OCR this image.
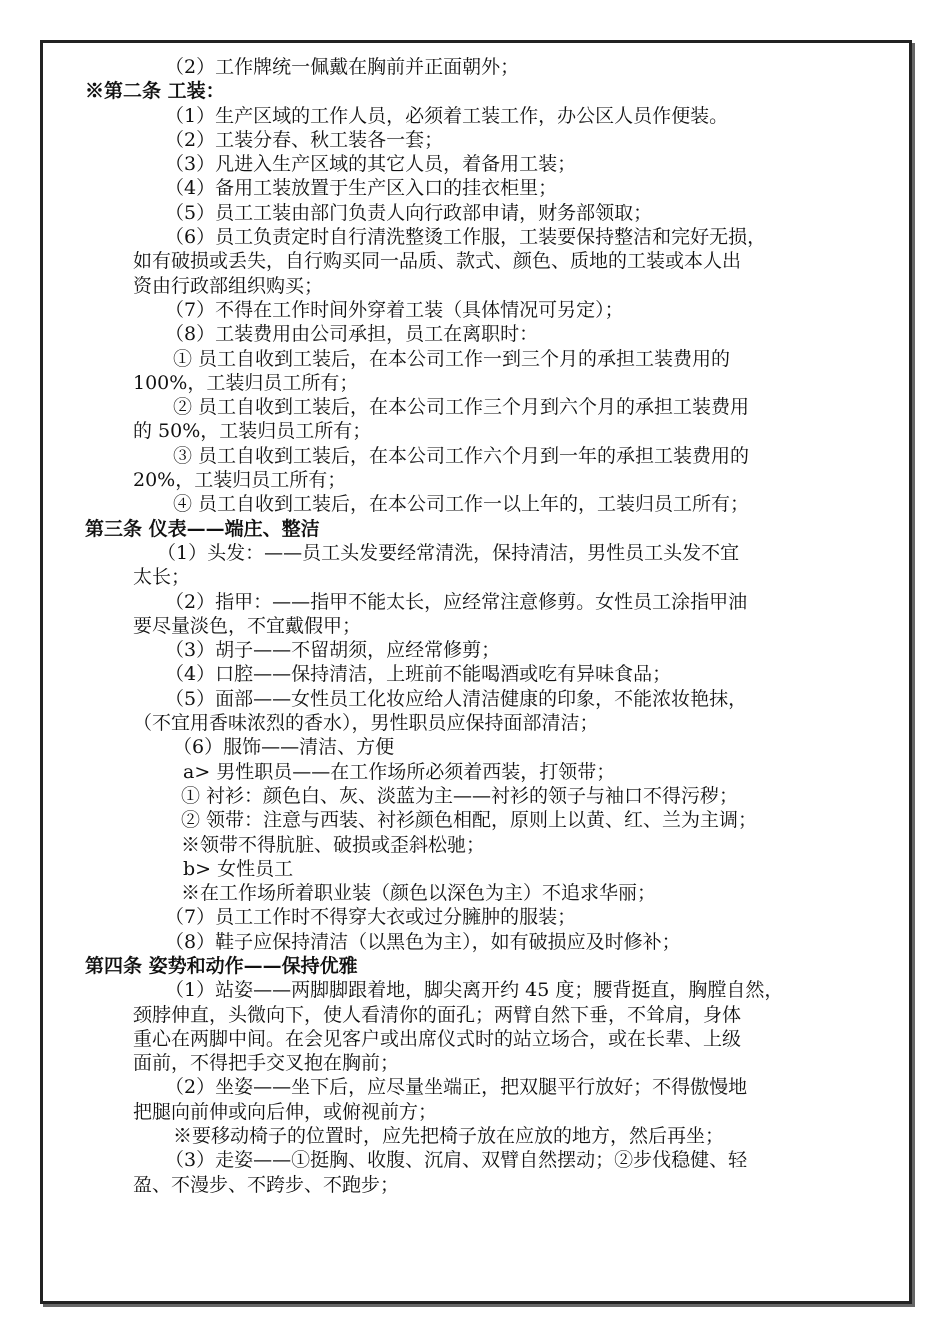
（2）工作牌统一佩戴在胸前并正面朝外；
※第二条 工装：
（1）生产区域的工作人员，必须着工装工作，办公区人员作便装。
（2）工装分春、秋工装各一套；
（3）凡进入生产区域的其它人员，着备用工装；
（4）备用工装放置于生产区入口的挂衣柜里；
（5）员工工装由部门负责人向行政部申请，财务部领取；
（6）员工负责定时自行清洗整烫工作服，工装要保持整洁和完好无损，
如有破损或丢失，自行购买同一品质、款式、颜色、质地的工装或本人出
资由行政部组织购买；
（7）不得在工作时间外穿着工装（具体情况可另定）；
（8）工装费用由公司承担，员工在离职时：
① 员工自收到工装后，在本公司工作一到三个月的承担工装费用的
100%，工装归员工所有；
② 员工自收到工装后，在本公司工作三个月到六个月的承担工装费用
的 50%，工装归员工所有；
③ 员工自收到工装后，在本公司工作六个月到一年的承担工装费用的
20%，工装归员工所有；
④ 员工自收到工装后，在本公司工作一以上年的，工装归员工所有；
第三条 仪表——端庄、整洁
（1）头发：——员工头发要经常清洗，保持清洁，男性员工头发不宜
太长；
（2）指甲：——指甲不能太长，应经常注意修剪。女性员工涂指甲油
要尽量淡色，不宜戴假甲；
（3）胡子——不留胡须，应经常修剪；
（4）口腔——保持清洁，上班前不能喝酒或吃有异味食品；
（5）面部——女性员工化妆应给人清洁健康的印象，不能浓妆艳抹，
（不宜用香味浓烈的香水），男性职员应保持面部清洁；
（6）服饰——清洁、方便
a> 男性职员——在工作场所必须着西装，打领带；
① 衬衫：颜色白、灰、淡蓝为主——衬衫的领子与袖口不得污秽；
② 领带：注意与西装、衬衫颜色相配，原则上以黄、红、兰为主调；
※领带不得肮脏、破损或歪斜松驰；
b> 女性员工
※在工作场所着职业装（颜色以深色为主）不追求华丽；
（7）员工工作时不得穿大衣或过分臃肿的服装；
（8）鞋子应保持清洁（以黑色为主），如有破损应及时修补；
第四条 姿势和动作——保持优雅
（1）站姿——两脚脚跟着地，脚尖离开约 45 度；腰背挺直，胸膛自然，
颈脖伸直，头微向下，使人看清你的面孔；两臂自然下垂，不耸肩，身体
重心在两脚中间。在会见客户或出席仪式时的站立场合，或在长辈、上级
面前，不得把手交叉抱在胸前；
（2）坐姿——坐下后，应尽量坐端正，把双腿平行放好；不得傲慢地
把腿向前伸或向后伸，或俯视前方；
※要移动椅子的位置时，应先把椅子放在应放的地方，然后再坐；
（3）走姿——①挺胸、收腹、沉肩、双臂自然摆动；②步伐稳健、轻
盈、不漫步、不跨步、不跑步；
